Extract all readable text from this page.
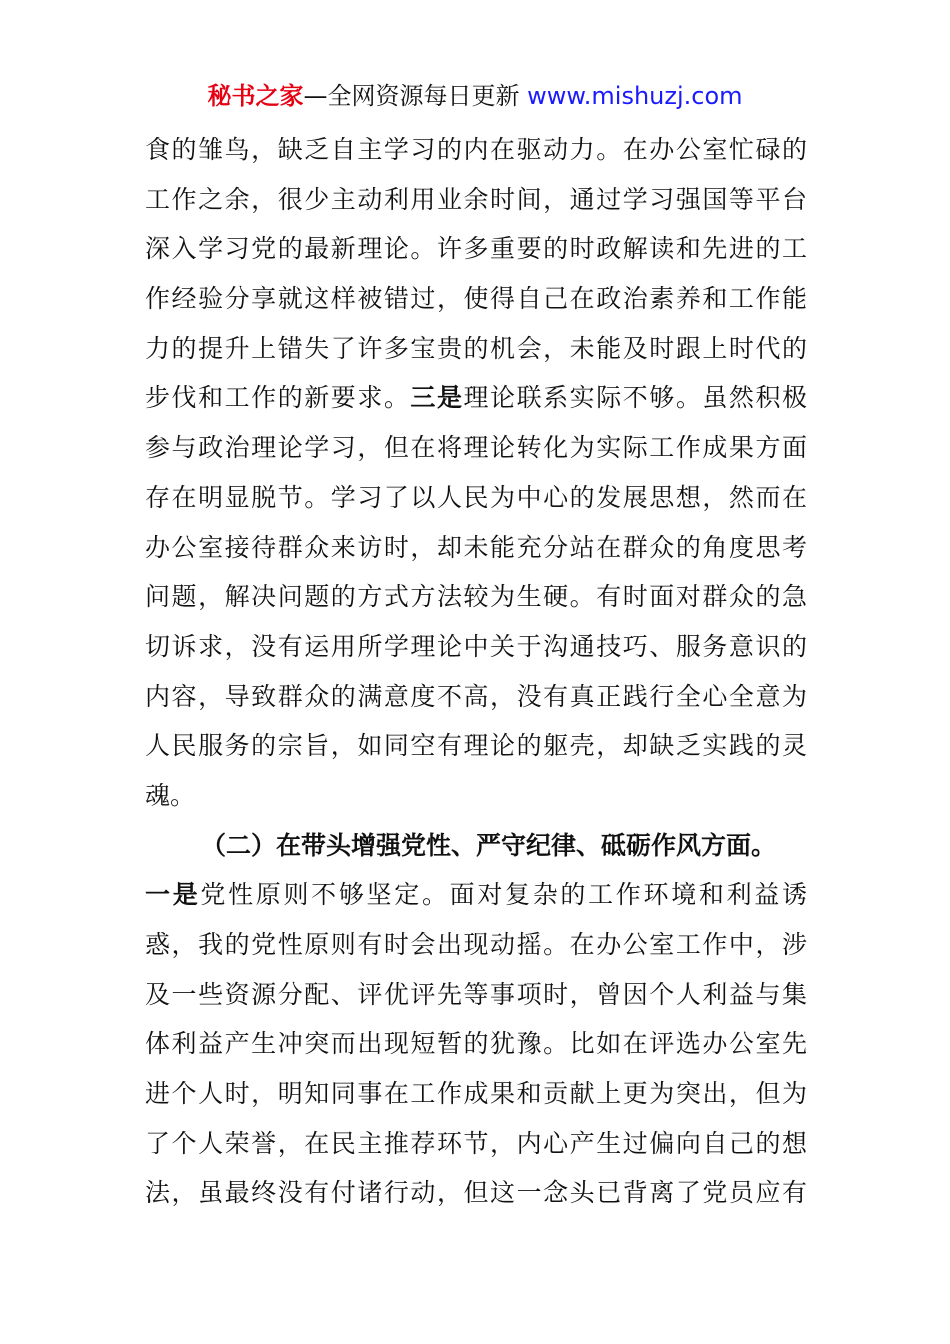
秘书之家—全网资源每日更新 www.mishuzj.com
食的雏鸟，缺乏自主学习的内在驱动力。在办公室忙碌的
工作之余，很少主动利用业余时间，通过学习强国等平台
深入学习党的最新理论。许多重要的时政解读和先进的工
作经验分享就这样被错过，使得自己在政治素养和工作能
力的提升上错失了许多宝贵的机会，未能及时跟上时代的
步伐和工作的新要求。三是理论联系实际不够。虽然积极
参与政治理论学习，但在将理论转化为实际工作成果方面
存在明显脱节。学习了以人民为中心的发展思想，然而在
办公室接待群众来访时，却未能充分站在群众的角度思考
问题，解决问题的方式方法较为生硬。有时面对群众的急
切诉求，没有运用所学理论中关于沟通技巧、服务意识的
内容，导致群众的满意度不高，没有真正践行全心全意为
人民服务的宗旨，如同空有理论的躯壳，却缺乏实践的灵
魂。
（二）在带头增强党性、严守纪律、砥砺作风方面。
一是党性原则不够坚定。面对复杂的工作环境和利益诱
惑，我的党性原则有时会出现动摇。在办公室工作中，涉
及一些资源分配、评优评先等事项时，曾因个人利益与集
体利益产生冲突而出现短暂的犹豫。比如在评选办公室先
进个人时，明知同事在工作成果和贡献上更为突出，但为
了个人荣誉，在民主推荐环节，内心产生过偏向自己的想
法，虽最终没有付诸行动，但这一念头已背离了党员应有
